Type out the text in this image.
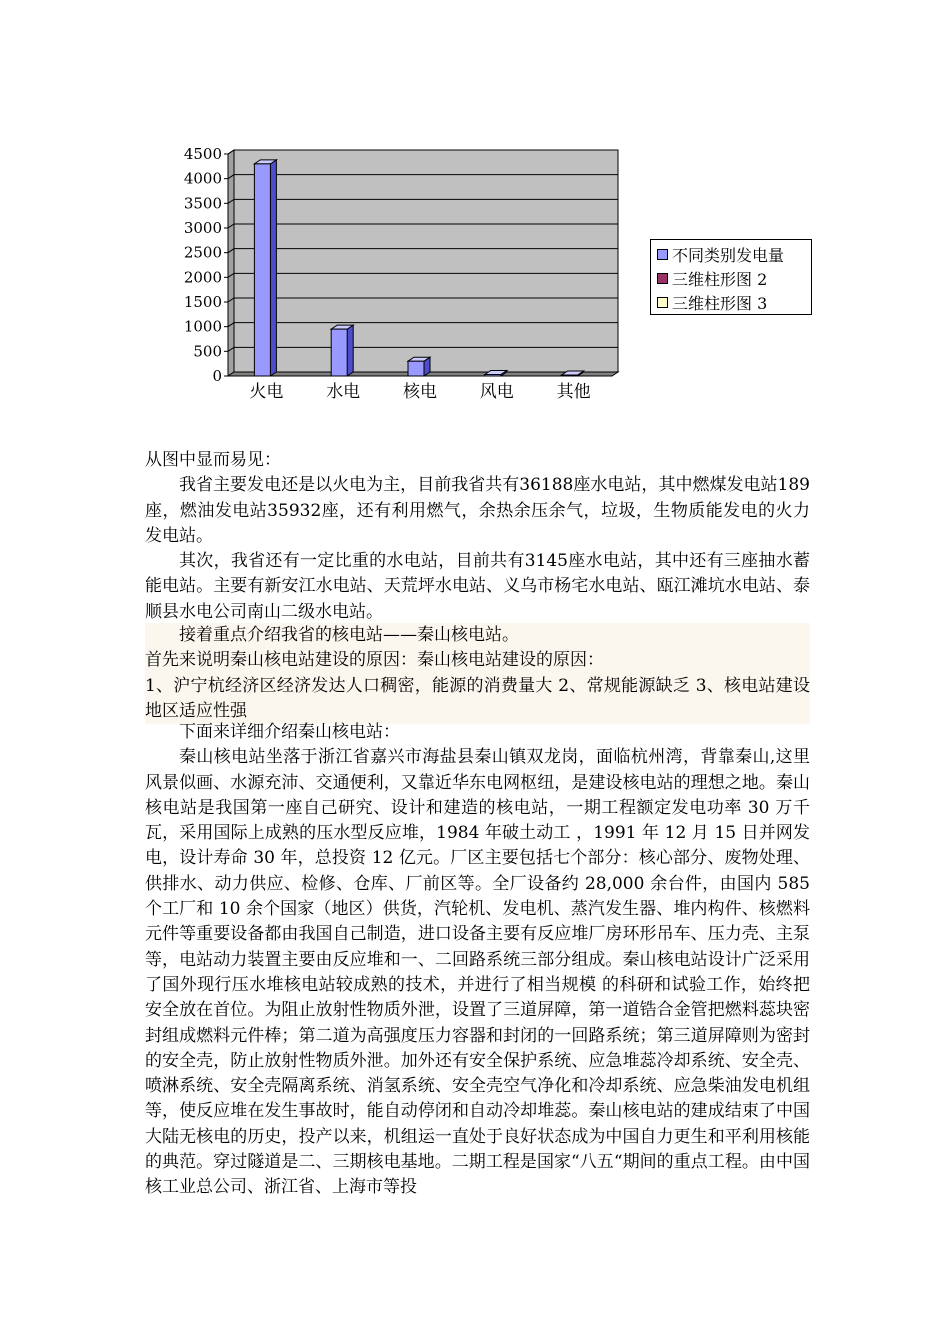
0
500
1000
1500
2000
2500
3000
3500
4000
4500
火电	水电	核电	风电	其他
不同类别发电量
三维柱形图 2
三维柱形图 3

从图中显而易见：

我省主要发电还是以火电为主，目前我省共有36188座水电站，其中燃煤发电站189座，燃油发电站35932座，还有利用燃气，余热余压余气，垃圾，生物质能发电的火力发电站。

其次，我省还有一定比重的水电站，目前共有3145座水电站，其中还有三座抽水蓄能电站。主要有新安江水电站、天荒坪水电站、义乌市杨宅水电站、瓯江滩坑水电站、泰顺县水电公司南山二级水电站。

接着重点介绍我省的核电站——秦山核电站。

首先来说明秦山核电站建设的原因：秦山核电站建设的原因：

1、沪宁杭经济区经济发达人口稠密，能源的消费量大 2、常规能源缺乏 3、核电站建设地区适应性强

下面来详细介绍秦山核电站：

秦山核电站坐落于浙江省嘉兴市海盐县秦山镇双龙岗，面临杭州湾，背靠秦山,这里风景似画、水源充沛、交通便利，又靠近华东电网枢纽，是建设核电站的理想之地。秦山核电站是我国第一座自己研究、设计和建造的核电站，一期工程额定发电功率 30 万千瓦，采用国际上成熟的压水型反应堆，1984 年破土动工 ，1991 年 12 月 15 日并网发电，设计寿命 30 年，总投资 12 亿元。厂区主要包括七个部分：核心部分、废物处理、供排水、动力供应、检修、仓库、厂前区等。全厂设备约 28,000 余台件，由国内 585 个工厂和 10 余个国家（地区）供货，汽轮机、发电机、蒸汽发生器、堆内构件、核燃料元件等重要设备都由我国自己制造，进口设备主要有反应堆厂房环形吊车、压力壳、主泵等，电站动力装置主要由反应堆和一、二回路系统三部分组成。秦山核电站设计广泛采用了国外现行压水堆核电站较成熟的技术，并进行了相当规模 的科研和试验工作，始终把安全放在首位。为阻止放射性物质外泄，设置了三道屏障，第一道锆合金管把燃料蕊块密封组成燃料元件棒；第二道为高强度压力容器和封闭的一回路系统；第三道屏障则为密封的安全壳，防止放射性物质外泄。加外还有安全保护系统、应急堆蕊冷却系统、安全壳、喷淋系统、安全壳隔离系统、消氢系统、安全壳空气净化和冷却系统、应急柴油发电机组等，使反应堆在发生事故时，能自动停闭和自动冷却堆蕊。秦山核电站的建成结束了中国大陆无核电的历史，投产以来，机组运一直处于良好状态成为中国自力更生和平利用核能的典范。穿过隧道是二、三期核电基地。二期工程是国家“八五“期间的重点工程。由中国核工业总公司、浙江省、上海市等投
